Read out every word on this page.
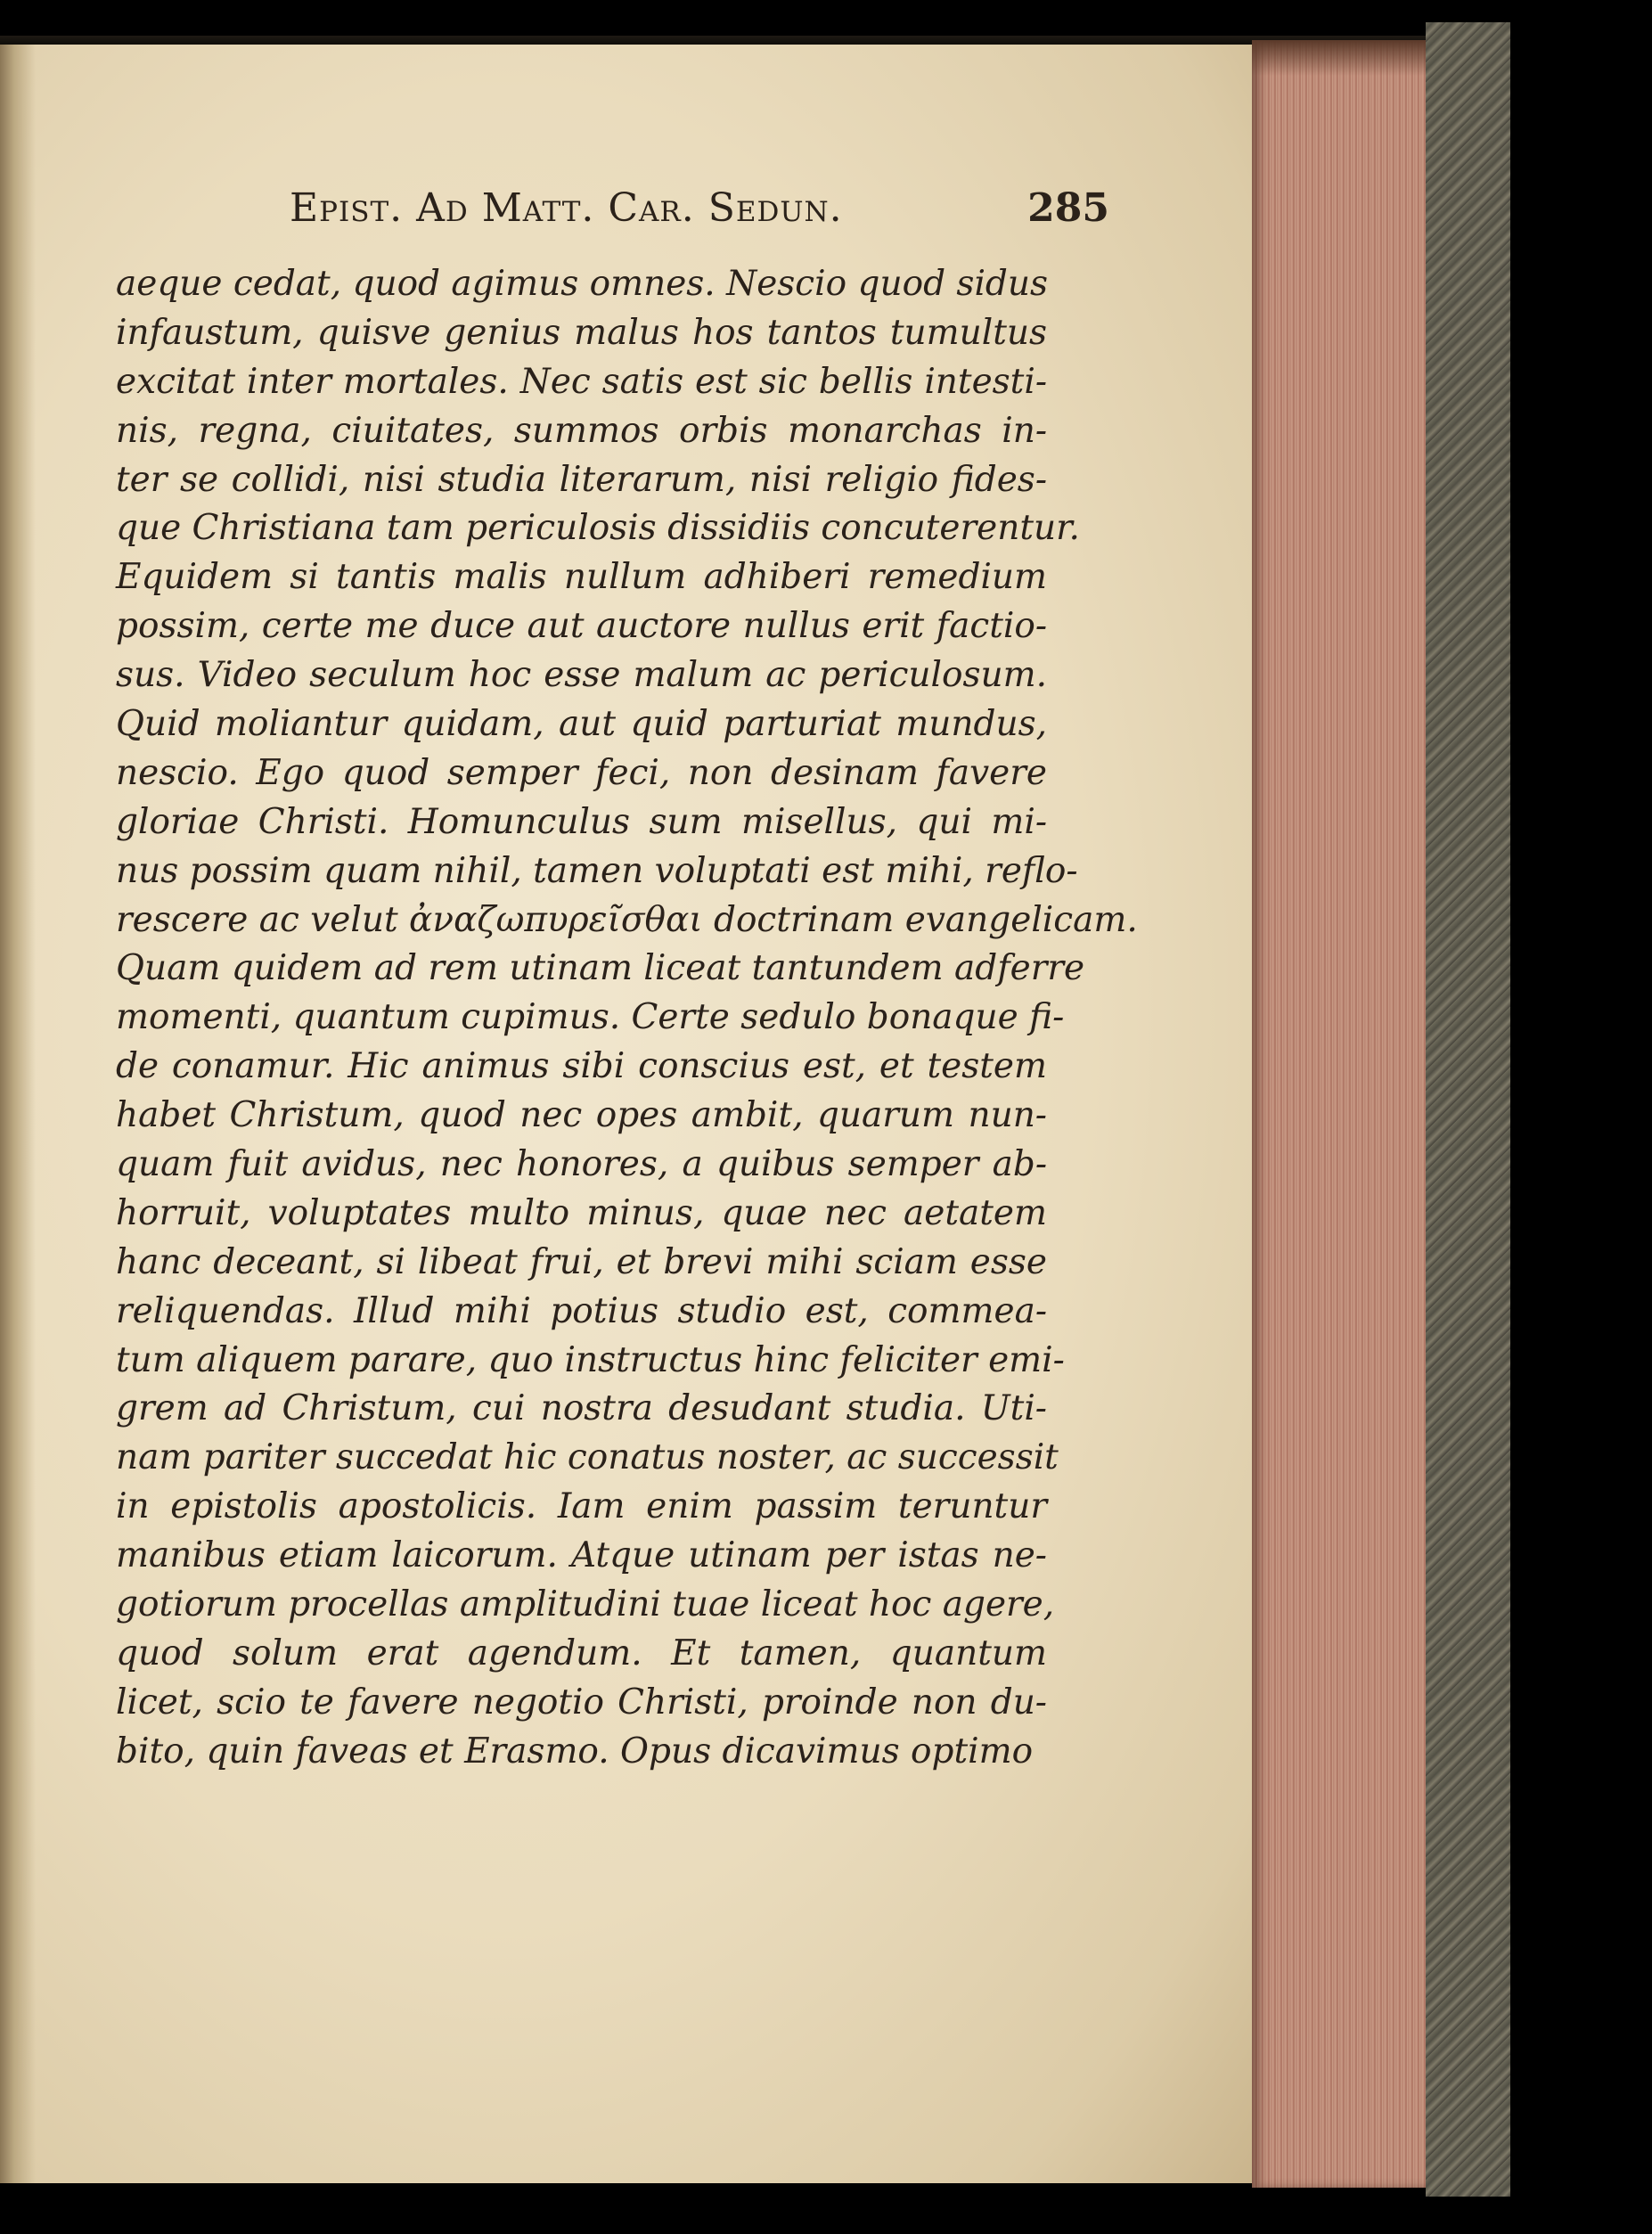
Epist. Ad Matt. Car. Sedun.	285
aeque cedat, quod agimus omnes. Nescio quod sidus
infaustum, quisve genius malus hos tantos tumultus
excitat inter mortales. Nec satis est sic bellis intesti-
nis, regna, ciuitates, summos orbis monarchas in-
ter se collidi, nisi studia literarum, nisi religio fides-
que Christiana tam periculosis dissidiis concuterentur.
Equidem si tantis malis nullum adhiberi remedium
possim, certe me duce aut auctore nullus erit factio-
sus. Video seculum hoc esse malum ac periculosum.
Quid moliantur quidam, aut quid parturiat mundus,
nescio. Ego quod semper feci, non desinam favere
gloriae Christi. Homunculus sum misellus, qui mi-
nus possim quam nihil, tamen voluptati est mihi, reflo-
rescere ac velut ἀναζωπυρεῖσθαι doctrinam evangelicam.
Quam quidem ad rem utinam liceat tantundem adferre
momenti, quantum cupimus. Certe sedulo bonaque fi-
de conamur. Hic animus sibi conscius est, et testem
habet Christum, quod nec opes ambit, quarum nun-
quam fuit avidus, nec honores, a quibus semper ab-
horruit, voluptates multo minus, quae nec aetatem
hanc deceant, si libeat frui, et brevi mihi sciam esse
reliquendas. Illud mihi potius studio est, commea-
tum aliquem parare, quo instructus hinc feliciter emi-
grem ad Christum, cui nostra desudant studia. Uti-
nam pariter succedat hic conatus noster, ac successit
in epistolis apostolicis. Iam enim passim teruntur
manibus etiam laicorum. Atque utinam per istas ne-
gotiorum procellas amplitudini tuae liceat hoc agere,
quod solum erat agendum. Et tamen, quantum
licet, scio te favere negotio Christi, proinde non du-
bito, quin faveas et Erasmo. Opus dicavimus optimo
